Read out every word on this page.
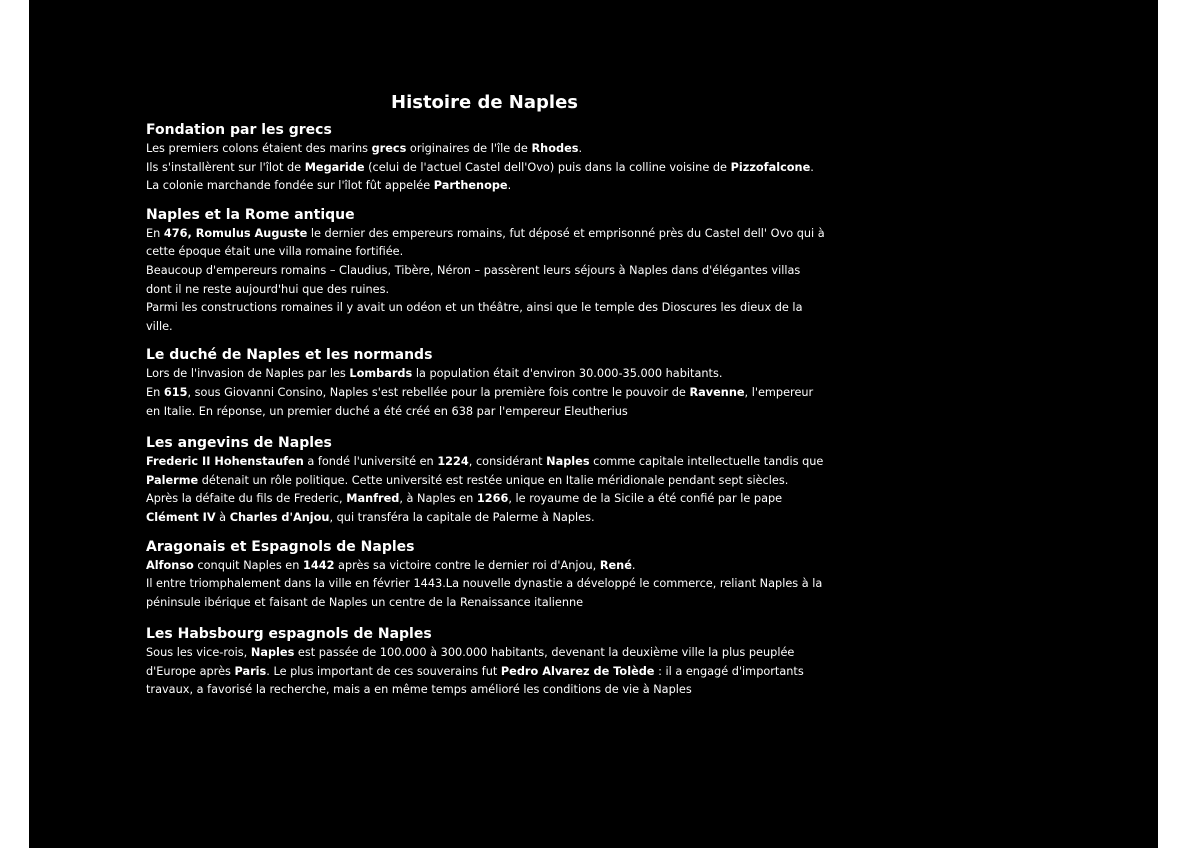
Histoire de Naples
Fondation par les grecs

Les premiers colons étaient des marins grecs originaires de l'île de Rhodes.

Ils s'installèrent sur l'îlot de Megaride (celui de l'actuel Castel dell'Ovo) puis dans la colline voisine de Pizzofalcone. La colonie marchande fondée sur l'îlot fût appelée Parthenope.

Naples et la Rome antique

En 476, Romulus Auguste le dernier des empereurs romains, fut déposé et emprisonné près du Castel dell' Ovo qui à cette époque était une villa romaine fortifiée.

Beaucoup d'empereurs romains – Claudius, Tibère, Néron – passèrent leurs séjours à Naples dans d'élégantes villas dont il ne reste aujourd'hui que des ruines.

Parmi les constructions romaines il y avait un odéon et un théâtre, ainsi que le temple des Dioscures les dieux de la ville.

Le duché de Naples et les normands

Lors de l'invasion de Naples par les Lombards la population était d'environ 30.000-35.000 habitants.

En 615, sous Giovanni Consino, Naples s'est rebellée pour la première fois contre le pouvoir de Ravenne, l'empereur en Italie. En réponse, un premier duché a été créé en 638 par l'empereur Eleutherius

Les angevins de Naples

Frederic II Hohenstaufen a fondé l'université en 1224, considérant Naples comme capitale intellectuelle tandis que Palerme détenait un rôle politique. Cette université est restée unique en Italie méridionale pendant sept siècles.

Après la défaite du fils de Frederic, Manfred, à Naples en 1266, le royaume de la Sicile a été confié par le pape Clément IV à Charles d'Anjou, qui transféra la capitale de Palerme à Naples.

Aragonais et Espagnols de Naples

Alfonso conquit Naples en 1442 après sa victoire contre le dernier roi d'Anjou, René.

Il entre triomphalement dans la ville en février 1443.La nouvelle dynastie a développé le commerce, reliant Naples à la péninsule ibérique et faisant de Naples un centre de la Renaissance italienne

Les Habsbourg espagnols de Naples

Sous les vice-rois, Naples est passée de 100.000 à 300.000 habitants, devenant la deuxième ville la plus peuplée d'Europe après Paris. Le plus important de ces souverains fut Pedro Alvarez de Tolède : il a engagé d'importants travaux, a favorisé la recherche, mais a en même temps amélioré les conditions de vie à Naples
